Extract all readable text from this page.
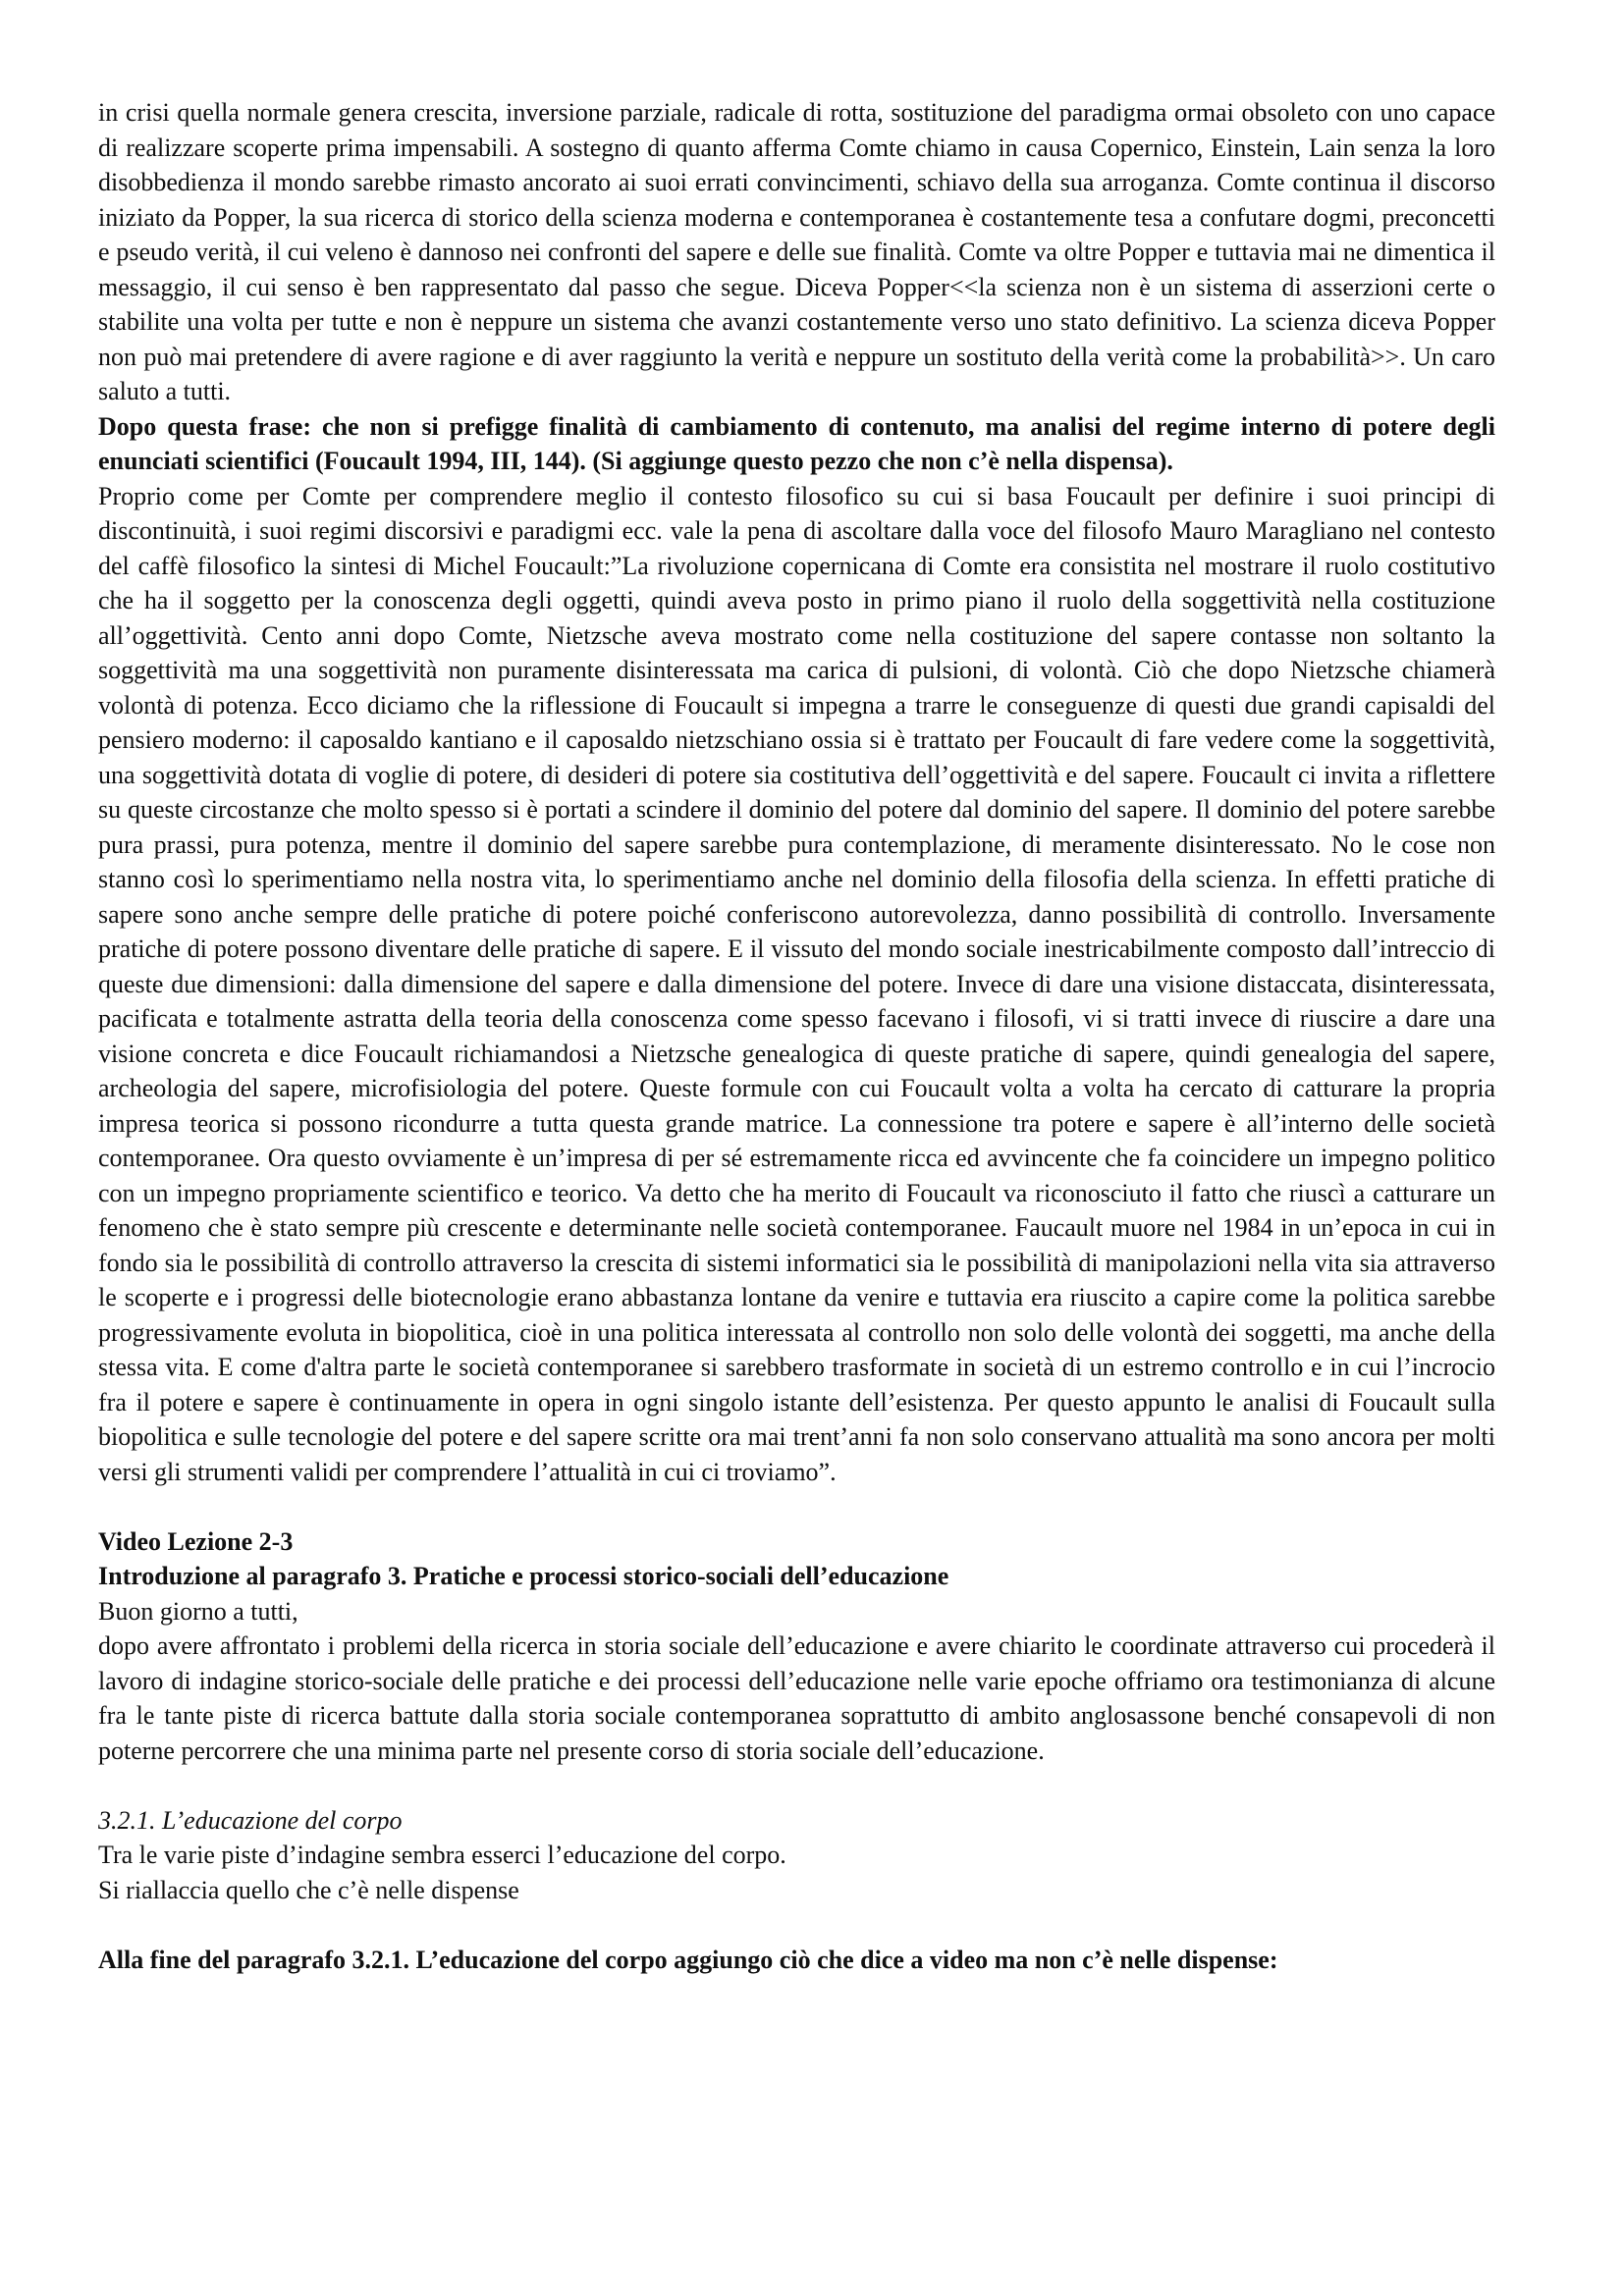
in crisi quella normale genera crescita, inversione parziale, radicale di rotta, sostituzione del paradigma ormai obsoleto con uno capace di realizzare scoperte prima impensabili. A sostegno di quanto afferma Comte chiamo in causa Copernico, Einstein, Lain senza la loro disobbedienza il mondo sarebbe rimasto ancorato ai suoi errati convincimenti, schiavo della sua arroganza. Comte continua il discorso iniziato da Popper, la sua ricerca di storico della scienza moderna e contemporanea è costantemente tesa a confutare dogmi, preconcetti e pseudo verità, il cui veleno è dannoso nei confronti del sapere e delle sue finalità. Comte va oltre Popper e tuttavia mai ne dimentica il messaggio, il cui senso è ben rappresentato dal passo che segue. Diceva Popper<<la scienza non è un sistema di asserzioni certe o stabilite una volta per tutte e non è neppure un sistema che avanzi costantemente verso uno stato definitivo. La scienza diceva Popper non può mai pretendere di avere ragione e di aver raggiunto la verità e neppure un sostituto della verità come la probabilità>>. Un caro saluto a tutti.

Dopo questa frase: che non si prefigge finalità di cambiamento di contenuto, ma analisi del regime interno di potere degli enunciati scientifici (Foucault 1994, III, 144). (Si aggiunge questo pezzo che non c’è nella dispensa).

Proprio come per Comte per comprendere meglio il contesto filosofico su cui si basa Foucault per definire i suoi principi di discontinuità, i suoi regimi discorsivi e paradigmi ecc. vale la pena di ascoltare dalla voce del filosofo Mauro Maragliano nel contesto del caffè filosofico la sintesi di Michel Foucault:”La rivoluzione copernicana di Comte era consistita nel mostrare il ruolo costitutivo che ha il soggetto per la conoscenza degli oggetti, quindi aveva posto in primo piano il ruolo della soggettività nella costituzione all’oggettività. Cento anni dopo Comte, Nietzsche aveva mostrato come nella costituzione del sapere contasse non soltanto la soggettività ma una soggettività non puramente disinteressata ma carica di pulsioni, di volontà. Ciò che dopo Nietzsche chiamerà volontà di potenza. Ecco diciamo che la riflessione di Foucault si impegna a trarre le conseguenze di questi due grandi capisaldi del pensiero moderno: il caposaldo kantiano e il caposaldo nietzschiano ossia si è trattato per Foucault di fare vedere come la soggettività, una soggettività dotata di voglie di potere, di desideri di potere sia costitutiva dell’oggettività e del sapere. Foucault ci invita a riflettere su queste circostanze che molto spesso si è portati a scindere il dominio del potere dal dominio del sapere. Il dominio del potere sarebbe pura prassi, pura potenza, mentre il dominio del sapere sarebbe pura contemplazione, di meramente disinteressato. No le cose non stanno così lo sperimentiamo nella nostra vita, lo sperimentiamo anche nel dominio della filosofia della scienza. In effetti pratiche di sapere sono anche sempre delle pratiche di potere poiché conferiscono autorevolezza, danno possibilità di controllo. Inversamente pratiche di potere possono diventare delle pratiche di sapere. E il vissuto del mondo sociale inestricabilmente composto dall’intreccio di queste due dimensioni: dalla dimensione del sapere e dalla dimensione del potere. Invece di dare una visione distaccata, disinteressata, pacificata e totalmente astratta della teoria della conoscenza come spesso facevano i filosofi, vi si tratti invece di riuscire a dare una visione concreta e dice Foucault richiamandosi a Nietzsche genealogica di queste pratiche di sapere, quindi genealogia del sapere, archeologia del sapere, microfisiologia del potere. Queste formule con cui Foucault volta a volta ha cercato di catturare la propria impresa teorica si possono ricondurre a tutta questa grande matrice. La connessione tra potere e sapere è all’interno delle società contemporanee. Ora questo ovviamente è un’impresa di per sé estremamente ricca ed avvincente che fa coincidere un impegno politico con un impegno propriamente scientifico e teorico. Va detto che ha merito di Foucault va riconosciuto il fatto che riuscì a catturare un fenomeno che è stato sempre più crescente e determinante nelle società contemporanee. Faucault muore nel 1984 in un’epoca in cui in fondo sia le possibilità di controllo attraverso la crescita di sistemi informatici sia le possibilità di manipolazioni nella vita sia attraverso le scoperte e i progressi delle biotecnologie erano abbastanza lontane da venire e tuttavia era riuscito a capire come la politica sarebbe progressivamente evoluta in biopolitica, cioè in una politica interessata al controllo non solo delle volontà dei soggetti, ma anche della stessa vita. E come d'altra parte le società contemporanee si sarebbero trasformate in società di un estremo controllo e in cui l’incrocio fra il potere e sapere è continuamente in opera in ogni singolo istante dell’esistenza. Per questo appunto le analisi di Foucault sulla biopolitica e sulle tecnologie del potere e del sapere scritte ora mai trent’anni fa non solo conservano attualità ma sono ancora per molti versi gli strumenti validi per comprendere l’attualità in cui ci troviamo”.

Video Lezione 2-3

Introduzione al paragrafo 3. Pratiche e processi storico-sociali dell’educazione

Buon giorno a tutti,

dopo avere affrontato i problemi della ricerca in storia sociale dell’educazione e avere chiarito le coordinate attraverso cui procederà il lavoro di indagine storico-sociale delle pratiche e dei processi dell’educazione nelle varie epoche offriamo ora testimonianza di alcune fra le tante piste di ricerca battute dalla storia sociale contemporanea soprattutto di ambito anglosassone benché consapevoli di non poterne percorrere che una minima parte nel presente corso di storia sociale dell’educazione.

3.2.1. L’educazione del corpo

Tra le varie piste d’indagine sembra esserci l’educazione del corpo.

Si riallaccia quello che c’è nelle dispense

Alla fine del paragrafo 3.2.1. L’educazione del corpo aggiungo ciò che dice a video ma non c’è nelle dispense:
